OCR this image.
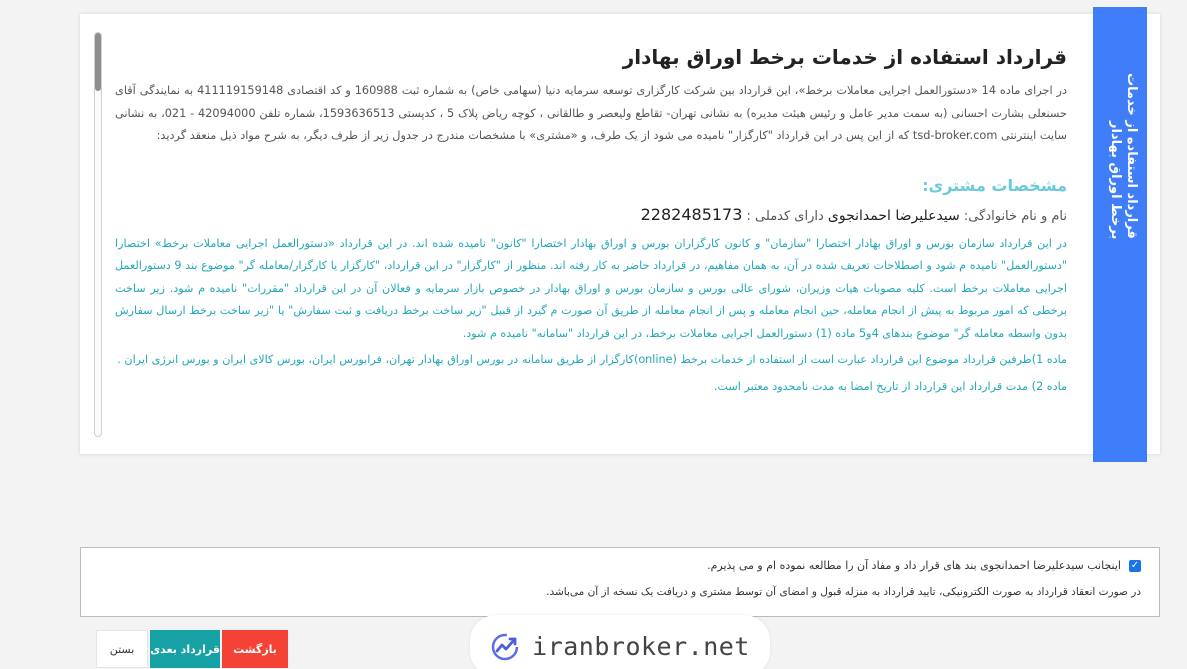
قرارداد استفاده از خدمات برخط اوراق بهادار
قرارداد استفاده از خدمات برخط اوراق بهادار

در اجرای ماده 14 «دستورالعمل اجرایی معاملات برخط»، این قرارداد بین شرکت کارگزاری توسعه سرمایه دنیا (سهامی خاص) به شماره ثبت 160988 و کد اقتصادی 411119159148 به نمایندگی آقای حسنعلی بشارت احسانی (به سمت مدیر عامل و رئیس هیئت مدیره) به نشانی تهران- تقاطع ولیعصر و طالقانی ، کوچه ریاض پلاک 5 ، کدپستی 1593636513، شماره تلفن 42094000 - 021، به نشانی سایت اینترنتی tsd-broker.com که از این پس در این قرارداد "کارگزار" نامیده می شود از یک طرف، و «مشتری» با مشخصات مندرج در جدول زیر از طرف دیگر، به شرح مواد ذیل منعقد گردید:

مشخصات مشتری:
نام و نام خانوادگی: سیدعلیرضا احمدانجوی دارای کدملی : 2282485173

در این قرارداد سازمان بورس و اوراق بهادار اختصارا "سازمان" و کانون کارگزاران بورس و اوراق بهادار اختصارا "کانون" نامیده شده اند. در این قرارداد «دستورالعمل اجرایی معاملات برخط» اختصارا "دستورالعمل" نامیده م شود و اصطلاحات تعریف شده در آن، به همان مفاهیم، در قرارداد حاضر به کار رفته اند. منظور از "کارگزار" در این قرارداد، "کارگزار یا کارگزار/معامله گر" موضوع بند 9 دستورالعمل اجرایی معاملات برخط است. کلیه مصوبات هیات وزیران، شورای عالی بورس و سازمان بورس و اوراق بهادار در خصوص بازار سرمایه و فعالان آن در این قرارداد "مقررات" نامیده م شود. زیر ساخت برخطی که امور مربوط به پیش از انجام معامله، حین انجام معامله و پس از انجام معامله از طریق آن صورت م گیرد از قبیل "زیر ساخت برخط دریافت و ثبت سفارش" یا "زیر ساخت برخط ارسال سفارش بدون واسطه معامله گر" موضوع بندهای 4و5 ماده (1) دستورالعمل اجرایی معاملات برخط، در این قرارداد "سامانه" نامیده م شود.

ماده 1)طرفین قرارداد موضوع این قرارداد عبارت است از استفاده از خدمات برخط (online)کارگزار از طریق سامانه در بورس اوراق بهادار تهران، فرابورس ایران، بورس کالای ایران و بورس انرژی ایران .

ماده 2) مدت قرارداد این قرارداد از تاریخ امضا به مدت نامحدود معتبر است.

✓
اینجانب سیدعلیرضا احمدانجوی بند های قرار داد و مفاد آن را مطالعه نموده ام و می پذیرم.
در صورت انعقاد قرارداد به صورت الکترونیکی، تایید قرارداد به منزله قبول و امضای آن توسط مشتری و دریافت یک نسخه از آن می‌باشد.
بازگشت
قرارداد بعدی
بستن	iranbroker.net
